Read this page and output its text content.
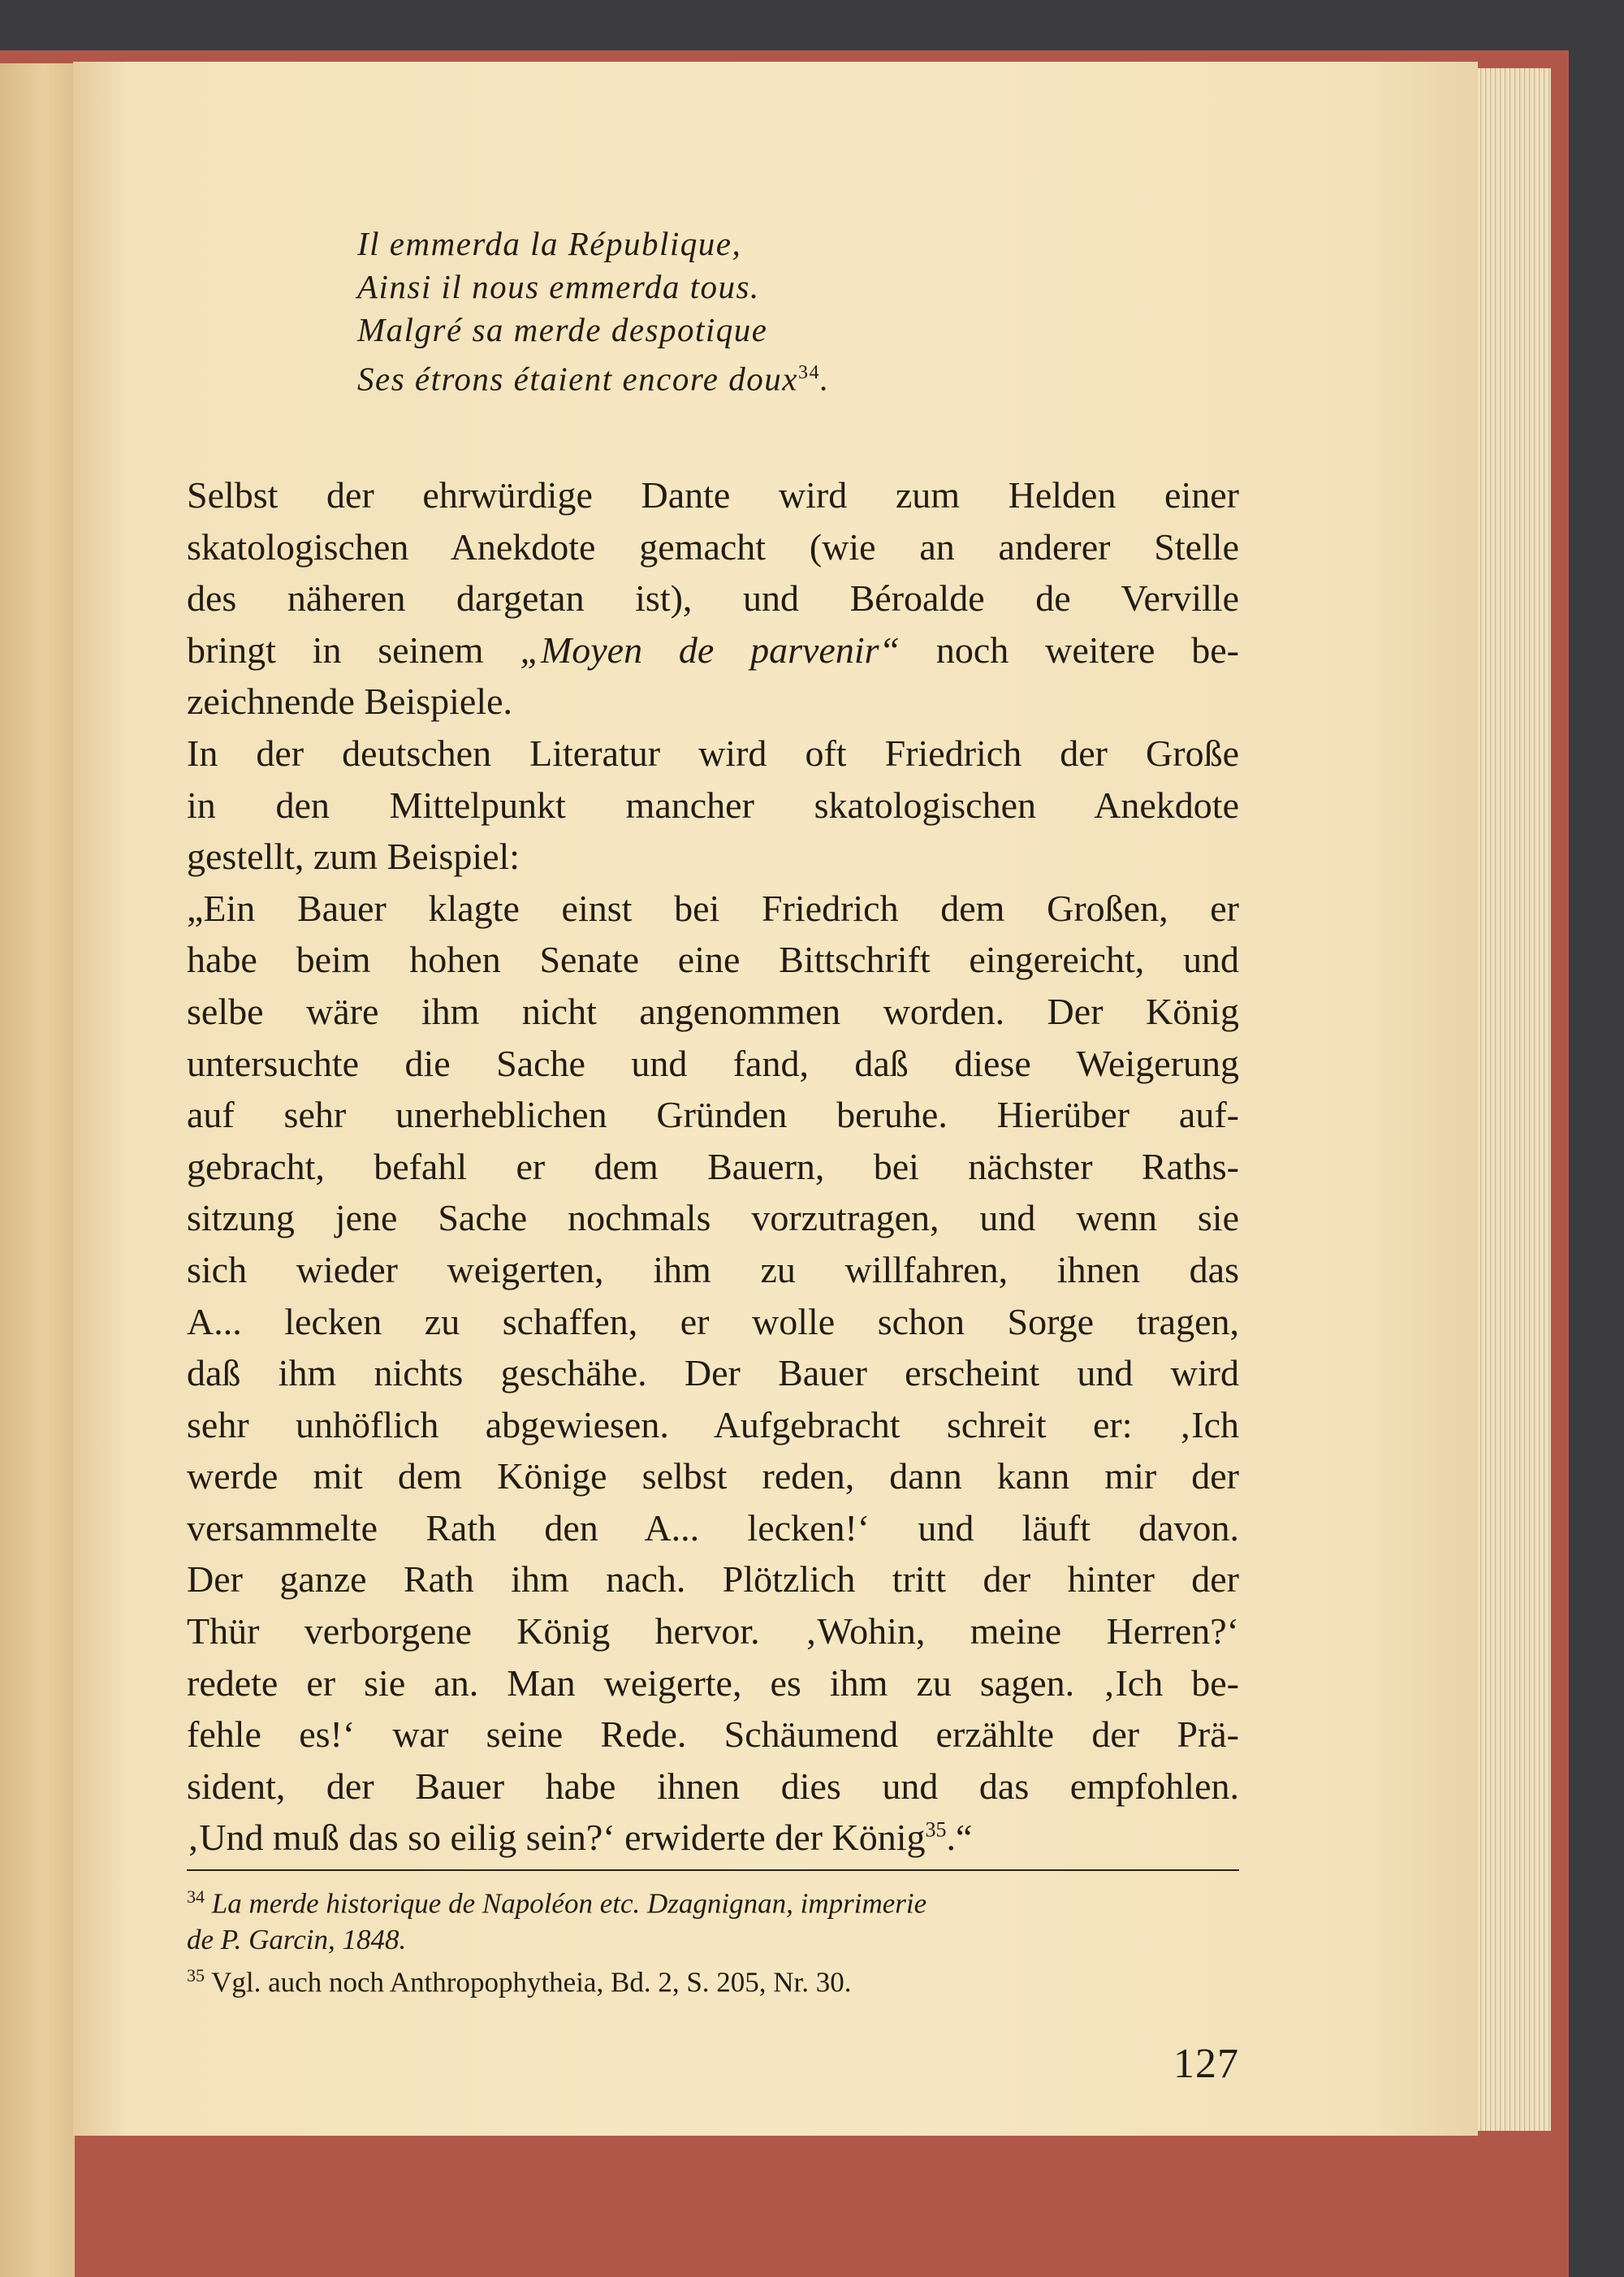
Il emmerda la République,
Ainsi il nous emmerda tous.
Malgré sa merde despotique
Ses étrons étaient encore doux$^{34}$.
Selbst der ehrwürdige Dante wird zum Helden einer
skatologischen Anekdote gemacht (wie an anderer Stelle
des näheren dargetan ist), und Béroalde de Verville
bringt in seinem „Moyen de parvenir“ noch weitere be-
zeichnende Beispiele.
In der deutschen Literatur wird oft Friedrich der Große
in den Mittelpunkt mancher skatologischen Anekdote
gestellt, zum Beispiel:
„Ein Bauer klagte einst bei Friedrich dem Großen, er
habe beim hohen Senate eine Bittschrift eingereicht, und
selbe wäre ihm nicht angenommen worden. Der König
untersuchte die Sache und fand, daß diese Weigerung
auf sehr unerheblichen Gründen beruhe. Hierüber auf-
gebracht, befahl er dem Bauern, bei nächster Raths-
sitzung jene Sache nochmals vorzutragen, und wenn sie
sich wieder weigerten, ihm zu willfahren, ihnen das
A... lecken zu schaffen, er wolle schon Sorge tragen,
daß ihm nichts geschähe. Der Bauer erscheint und wird
sehr unhöflich abgewiesen. Aufgebracht schreit er: ‚Ich
werde mit dem Könige selbst reden, dann kann mir der
versammelte Rath den A... lecken!‘ und läuft davon.
Der ganze Rath ihm nach. Plötzlich tritt der hinter der
Thür verborgene König hervor. ‚Wohin, meine Herren?‘
redete er sie an. Man weigerte, es ihm zu sagen. ‚Ich be-
fehle es!‘ war seine Rede. Schäumend erzählte der Prä-
sident, der Bauer habe ihnen dies und das empfohlen.
‚Und muß das so eilig sein?‘ erwiderte der König$^{35}$.“
$^{34}$ La merde historique de Napoléon etc. Dzagnignan, imprimerie
de P. Garcin, 1848.
$^{35}$ Vgl. auch noch Anthropophytheia, Bd. 2, S. 205, Nr. 30.
127
